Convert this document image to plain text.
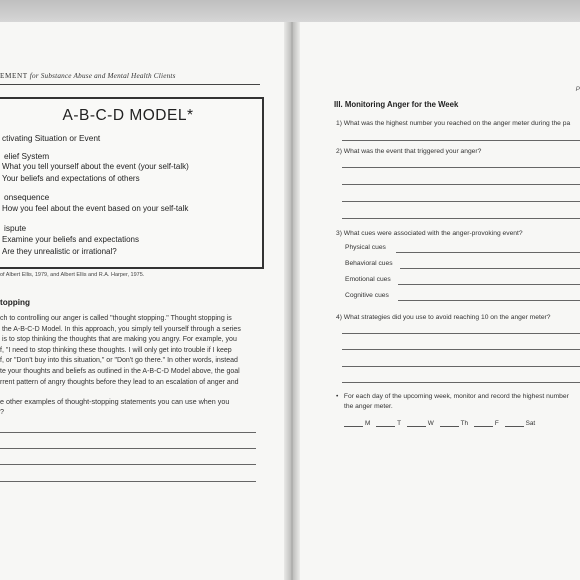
EMENT for Substance Abuse and Mental Health Clients
A-B-C-D MODEL*
ctivating Situation or Event
elief System
What you tell yourself about the event (your self-talk)
Your beliefs and expectations of others
onsequence
How you feel about the event based on your self-talk
ispute
Examine your beliefs and expectations
Are they unrealistic or irrational?
of Albert Ellis, 1979, and Albert Ellis and R.A. Harper, 1975.
topping
ch to controlling our anger is called "thought stopping." Thought stopping is
the A-B-C-D Model. In this approach, you simply tell yourself through a series
is to stop thinking the thoughts that are making you angry. For example, you
f, "I need to stop thinking these thoughts. I will only get into trouble if I keep
f, or "Don't buy into this situation," or "Don't go there." In other words, instead
te your thoughts and beliefs as outlined in the A-B-C-D Model above, the goal
rrent pattern of angry thoughts before they lead to an escalation of anger and
e other examples of thought-stopping statements you can use when you
?
P
III. Monitoring Anger for the Week
1) What was the highest number you reached on the anger meter during the pa
2) What was the event that triggered your anger?
3) What cues were associated with the anger-provoking event?
Physical cues
Behavioral cues
Emotional cues
Cognitive cues
4) What strategies did you use to avoid reaching 10 on the anger meter?
•   For each day of the upcoming week, monitor and record the highest number
the anger meter.
M	T	W	Th	F	Sat
